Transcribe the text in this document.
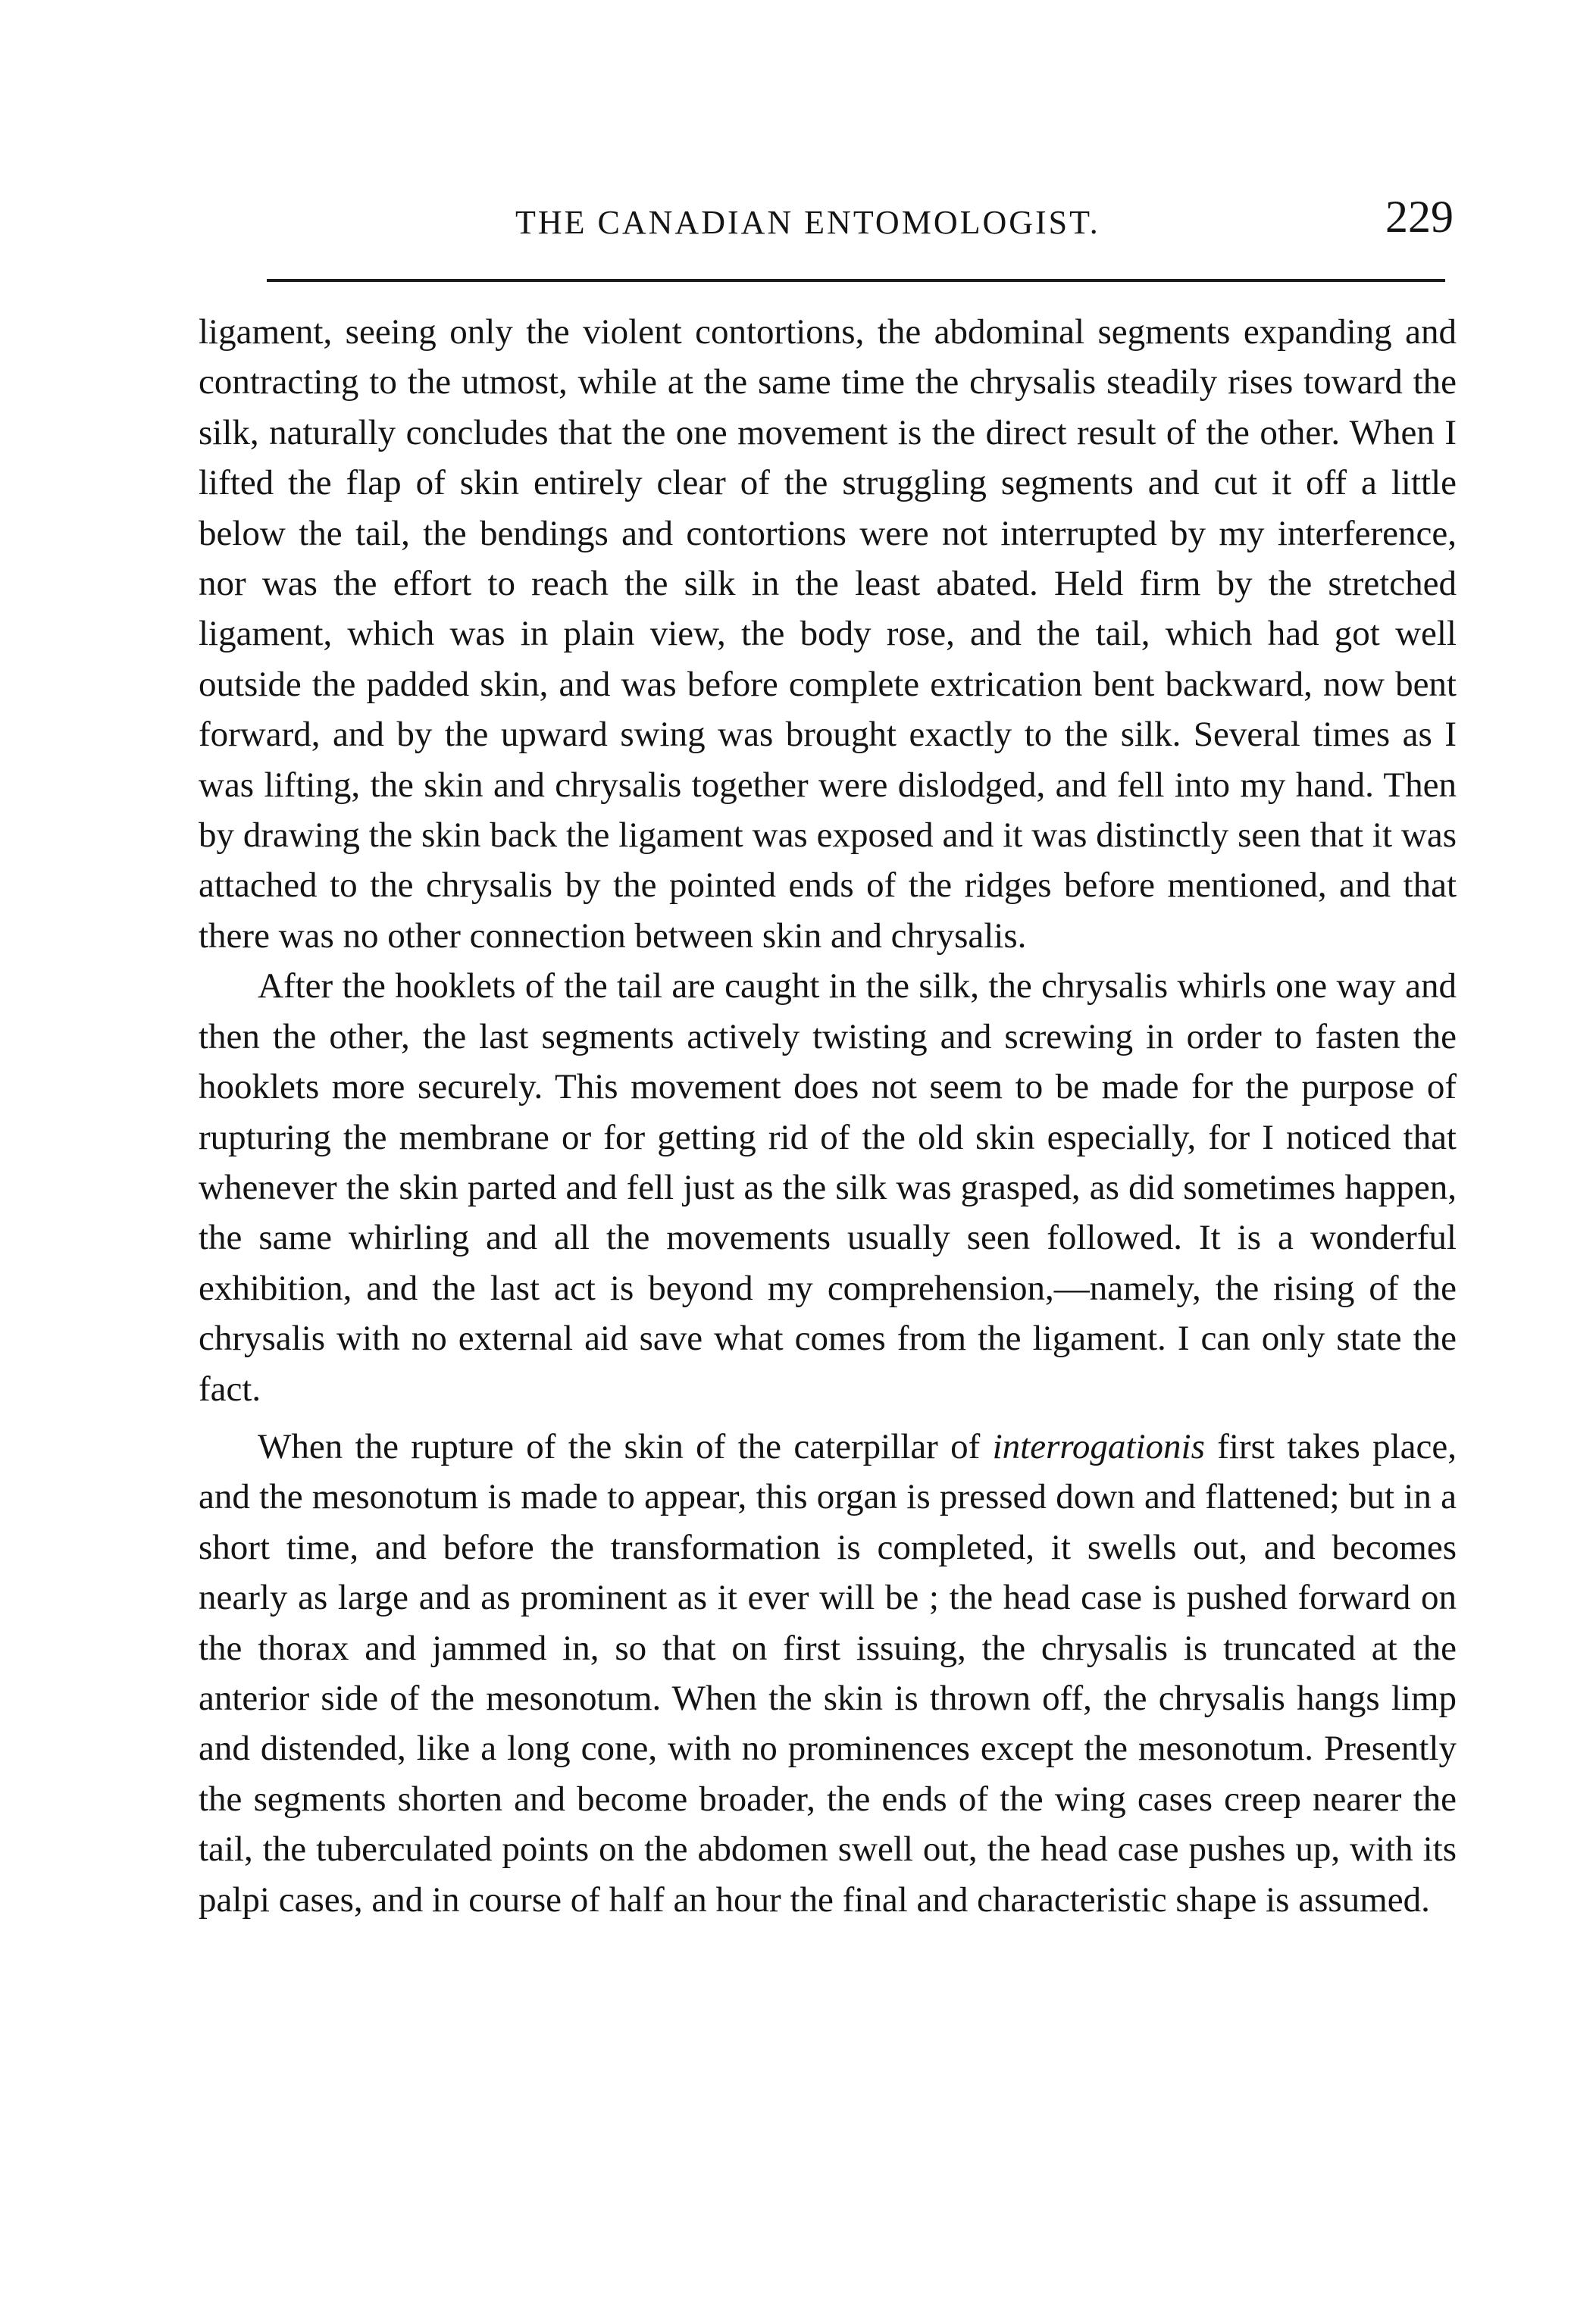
THE CANADIAN ENTOMOLOGIST.	229

ligament, seeing only the violent contortions, the abdominal segments expanding and contracting to the utmost, while at the same time the chrysalis steadily rises toward the silk, naturally concludes that the one movement is the direct result of the other. When I lifted the flap of skin entirely clear of the struggling segments and cut it off a little below the tail, the bendings and contortions were not interrupted by my interference, nor was the effort to reach the silk in the least abated. Held firm by the stretched ligament, which was in plain view, the body rose, and the tail, which had got well outside the padded skin, and was before complete extrication bent backward, now bent forward, and by the upward swing was brought exactly to the silk. Several times as I was lifting, the skin and chrysalis together were dislodged, and fell into my hand. Then by drawing the skin back the ligament was exposed and it was distinctly seen that it was attached to the chrysalis by the pointed ends of the ridges before mentioned, and that there was no other connection between skin and chrysalis.

After the hooklets of the tail are caught in the silk, the chrysalis whirls one way and then the other, the last segments actively twisting and screwing in order to fasten the hooklets more securely. This movement does not seem to be made for the purpose of rupturing the membrane or for getting rid of the old skin especially, for I noticed that whenever the skin parted and fell just as the silk was grasped, as did sometimes happen, the same whirling and all the movements usually seen followed. It is a wonderful exhibition, and the last act is beyond my comprehension,—namely, the rising of the chrysalis with no external aid save what comes from the ligament. I can only state the fact.

When the rupture of the skin of the caterpillar of interrogationis first takes place, and the mesonotum is made to appear, this organ is pressed down and flattened; but in a short time, and before the transformation is completed, it swells out, and becomes nearly as large and as prominent as it ever will be ; the head case is pushed forward on the thorax and jammed in, so that on first issuing, the chrysalis is truncated at the anterior side of the mesonotum. When the skin is thrown off, the chrysalis hangs limp and distended, like a long cone, with no prominences except the mesonotum. Presently the segments shorten and become broader, the ends of the wing cases creep nearer the tail, the tuberculated points on the abdomen swell out, the head case pushes up, with its palpi cases, and in course of half an hour the final and characteristic shape is assumed.
